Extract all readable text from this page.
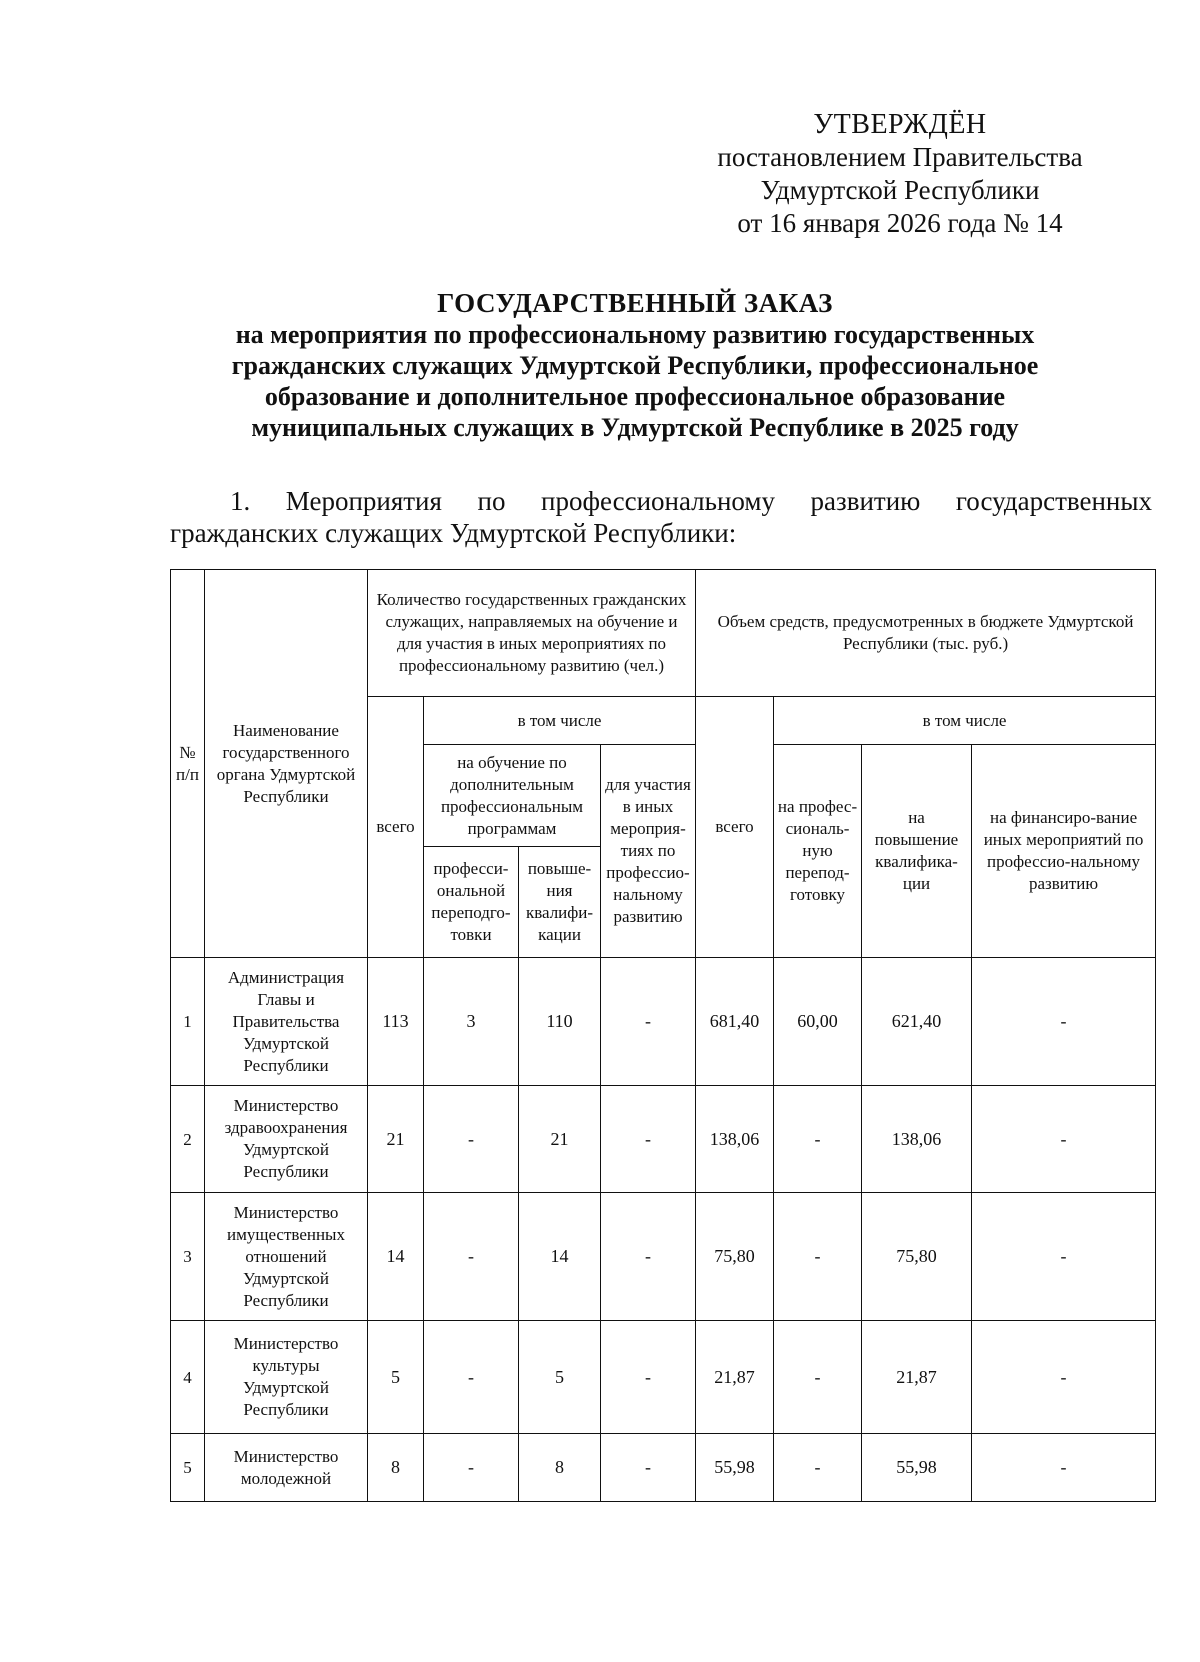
УТВЕРЖДЁН
постановлением Правительства
Удмуртской Республики
от 16 января 2026 года № 14
ГОСУДАРСТВЕННЫЙ ЗАКАЗ
на мероприятия по профессиональному развитию государственных
гражданских служащих Удмуртской Республики, профессиональное
образование и дополнительное профессиональное образование
муниципальных служащих в Удмуртской Республике в 2025 году
1. Мероприятия по профессиональному развитию государственных
гражданских служащих Удмуртской Республики:
№ п/п	Наименование государственного органа Удмуртской Республики	Количество государственных гражданских служащих, направляемых на обучение и для участия в иных мероприятиях по профессиональному развитию (чел.)				Объем средств, предусмотренных в бюджете Удмуртской Республики (тыс. руб.)			
		всего	в том числе			всего	в том числе		
			на обучение по дополнительным профессиональным программам		для участия в иных мероприя-тиях по профессио-нальному развитию		на профес-сиональ-ную перепод-готовку	на повышение квалифика-ции	на финансиро-вание иных мероприятий по профессио-нальному развитию
			професси-ональной переподго-товки	повыше-ния квалифи-кации					
1	Администрация Главы и Правительства Удмуртской Республики	113	3	110	-	681,40	60,00	621,40	-
2	Министерство здравоохранения Удмуртской Республики	21	-	21	-	138,06	-	138,06	-
3	Министерство имущественных отношений Удмуртской Республики	14	-	14	-	75,80	-	75,80	-
4	Министерство культуры Удмуртской Республики	5	-	5	-	21,87	-	21,87	-
5	Министерство молодежной	8	-	8	-	55,98	-	55,98	-
